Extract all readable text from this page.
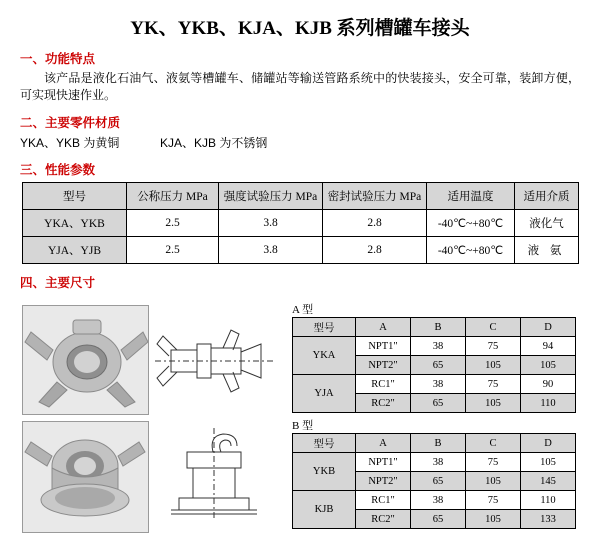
YK、YKB、KJA、KJB 系列槽罐车接头
一、功能特点
该产品是液化石油气、液氨等槽罐车、储罐站等输送管路系统中的快装接头，安全可靠，装卸方便，可实现快速作业。
二、主要零件材质
YKA、YKB 为黄铜	KJA、KJB 为不锈钢
三、性能参数
型号	公称压力 MPa	强度试验压力 MPa	密封试验压力 MPa	适用温度	适用介质
YKA、YKB	2.5	3.8	2.8	-40℃~+80℃	液化气
YJA、YJB	2.5	3.8	2.8	-40℃~+80℃	液 氨
四、主要尺寸
A 型
B 型
型号	A	B	C	D
YKA	NPT1"	38	75	94
	NPT2"	65	105	105
YJA	RC1"	38	75	90
	RC2"	65	105	110
型号	A	B	C	D
YKB	NPT1"	38	75	105
	NPT2"	65	105	145
KJB	RC1"	38	75	110
	RC2"	65	105	133
